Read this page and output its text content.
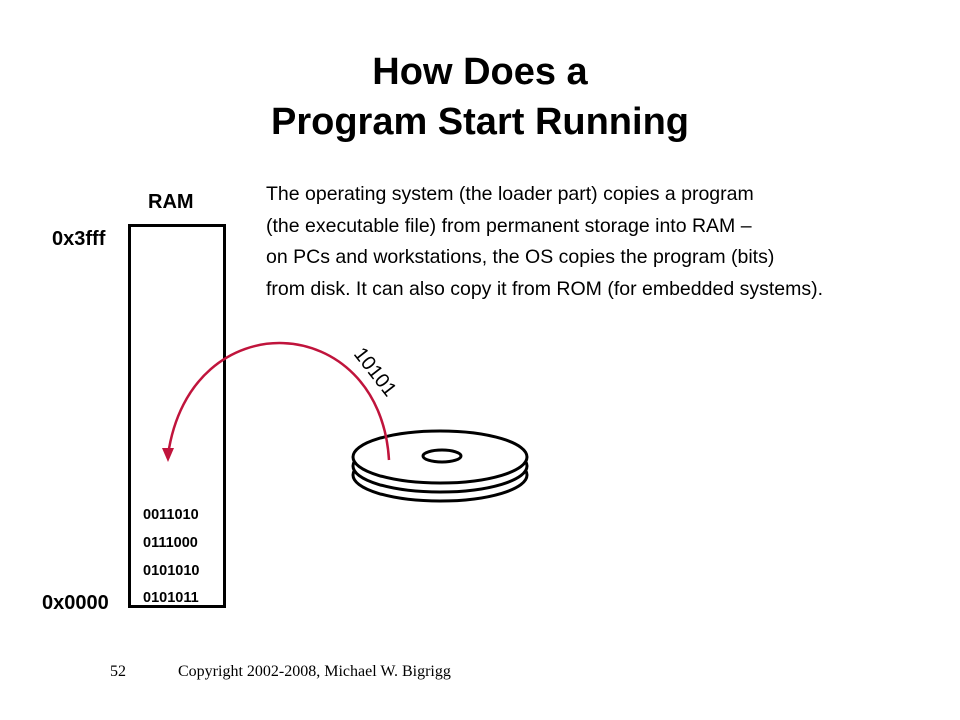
How Does a
Program Start Running
The operating system (the loader part) copies a program
(the executable file) from permanent storage into RAM –
on PCs and workstations, the OS copies the program (bits)
from disk. It can also copy it from ROM (for embedded systems).
RAM
0x3fff
0x0000
0011010
0111000
0101010
0101011
10101
52	Copyright 2002-2008, Michael W. Bigrigg
